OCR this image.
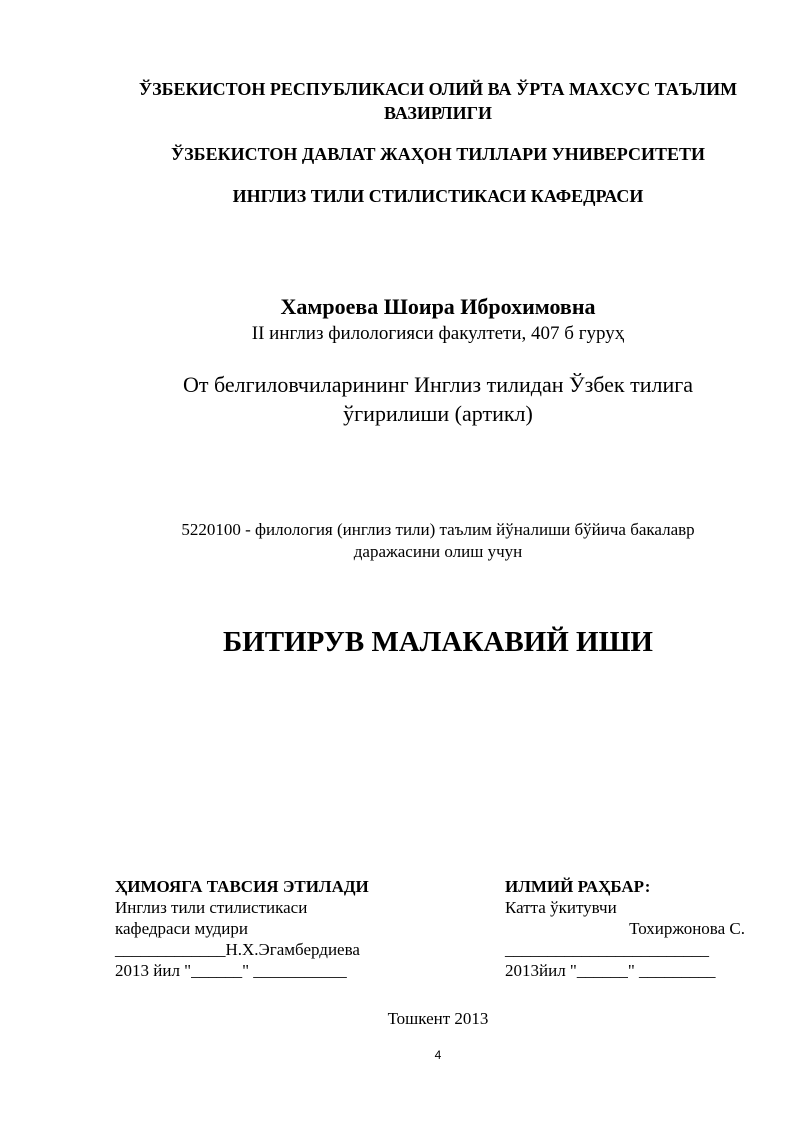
ЎЗБЕКИСТОН РЕСПУБЛИКАСИ ОЛИЙ ВА ЎРТА МАХСУС ТАЪЛИМ
ВАЗИРЛИГИ
ЎЗБЕКИСТОН ДАВЛАТ ЖАҲОН ТИЛЛАРИ УНИВЕРСИТЕТИ
ИНГЛИЗ ТИЛИ СТИЛИСТИКАСИ КАФЕДРАСИ
Хамроева Шоира Иброхимовна
II инглиз филологияси факултети, 407 б гуруҳ
От белгиловчиларининг Инглиз тилидан Ўзбек тилига
ўгирилиши (артикл)
5220100 - филология (инглиз тили) таълим йўналиши бўйича бакалавр
даражасини олиш учун
БИТИРУВ МАЛАКАВИЙ ИШИ
ҲИМОЯГА ТАВСИЯ ЭТИЛАДИ
Инглиз тили стилистикаси
кафедраси мудири
_____________Н.Х.Эгамбердиева
2013 йил "______" ___________
ИЛМИЙ РАҲБАР:
Катта ўкитувчи
Тохиржонова С.
________________________
2013йил "______" _________
Тошкент 2013
4
